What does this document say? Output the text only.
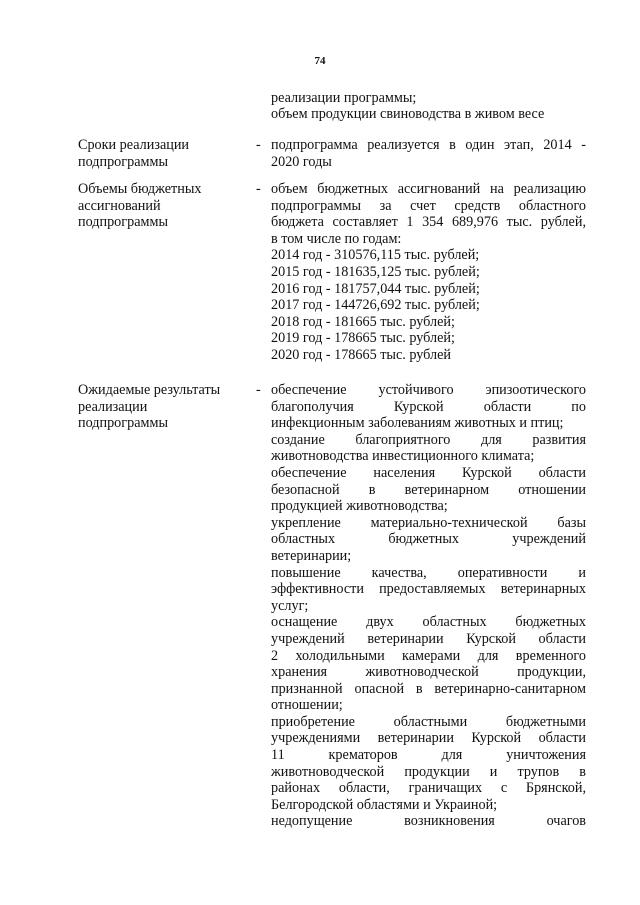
74
реализации программы;
объем продукции свиноводства в живом весе
Сроки реализации
подпрограммы
- подпрограмма реализуется в один этап, 2014 -

2020 годы

Объемы бюджетных
ассигнований
подпрограммы
- объем бюджетных ассигнований на реализацию

подпрограммы за счет средств областного

бюджета составляет 1 354 689,976 тыс. рублей,

в том числе по годам:

2014 год - 310576,115 тыс. рублей;
2015 год - 181635,125 тыс. рублей;
2016 год - 181757,044 тыс. рублей;
2017 год - 144726,692 тыс. рублей;
2018 год - 181665 тыс. рублей;
2019 год - 178665 тыс. рублей;
2020 год - 178665 тыс. рублей
Ожидаемые результаты
реализации
подпрограммы
- обеспечение устойчивого эпизоотического

благополучия Курской области по

инфекционным заболеваниям животных и птиц;

создание благоприятного для развития

животноводства инвестиционного климата;

обеспечение населения Курской области

безопасной в ветеринарном отношении

продукцией животноводства;

укрепление материально-технической базы

областных бюджетных учреждений

ветеринарии;

повышение качества, оперативности и

эффективности предоставляемых ветеринарных

услуг;

оснащение двух областных бюджетных

учреждений ветеринарии Курской области

2 холодильными камерами для временного

хранения животноводческой продукции,

признанной опасной в ветеринарно-санитарном

отношении;

приобретение областными бюджетными

учреждениями ветеринарии Курской области

11 крематоров для уничтожения

животноводческой продукции и трупов в

районах области, граничащих с Брянской,

Белгородской областями и Украиной;

недопущение возникновения очагов
